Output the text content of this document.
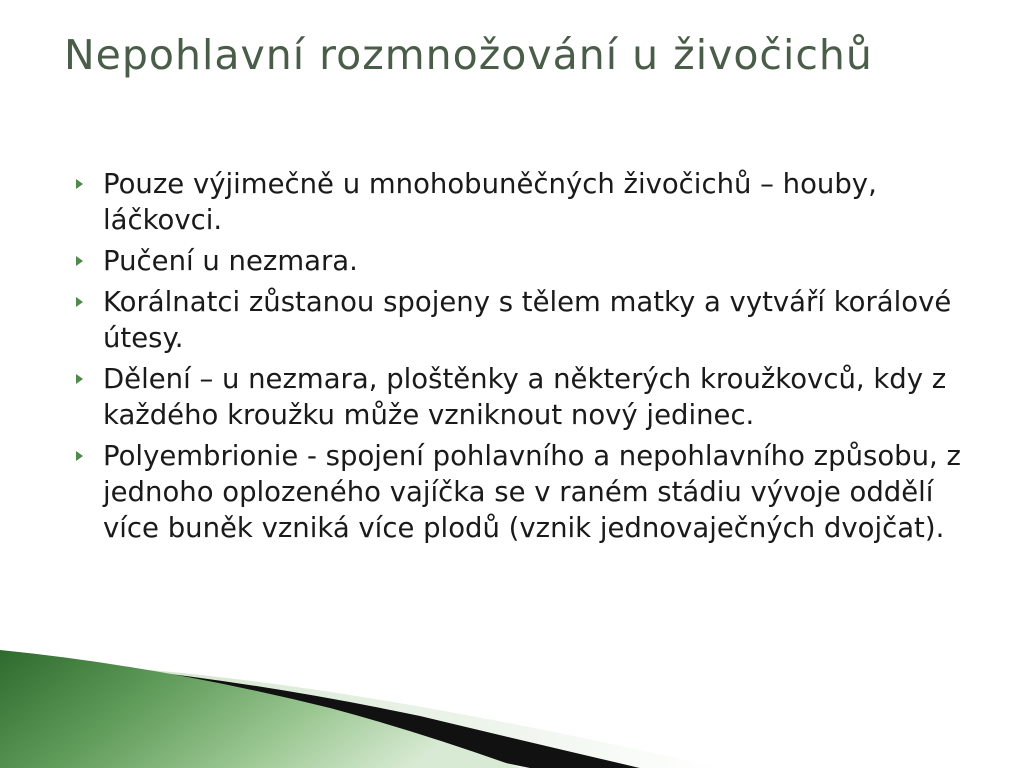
Nepohlavní rozmnožování u živočichů
Pouze výjimečně u mnohobuněčných živočichů – houby, láčkovci.
Pučení u nezmara.
Korálnatci zůstanou spojeny s tělem matky a vytváří korálové útesy.
Dělení – u nezmara, ploštěnky a některých kroužkovců, kdy z každého kroužku může vzniknout nový jedinec.
Polyembrionie - spojení pohlavního a nepohlavního způsobu, z jednoho oplozeného vajíčka se v raném stádiu vývoje oddělí více buněk vzniká více plodů (vznik jednovaječných dvojčat).
